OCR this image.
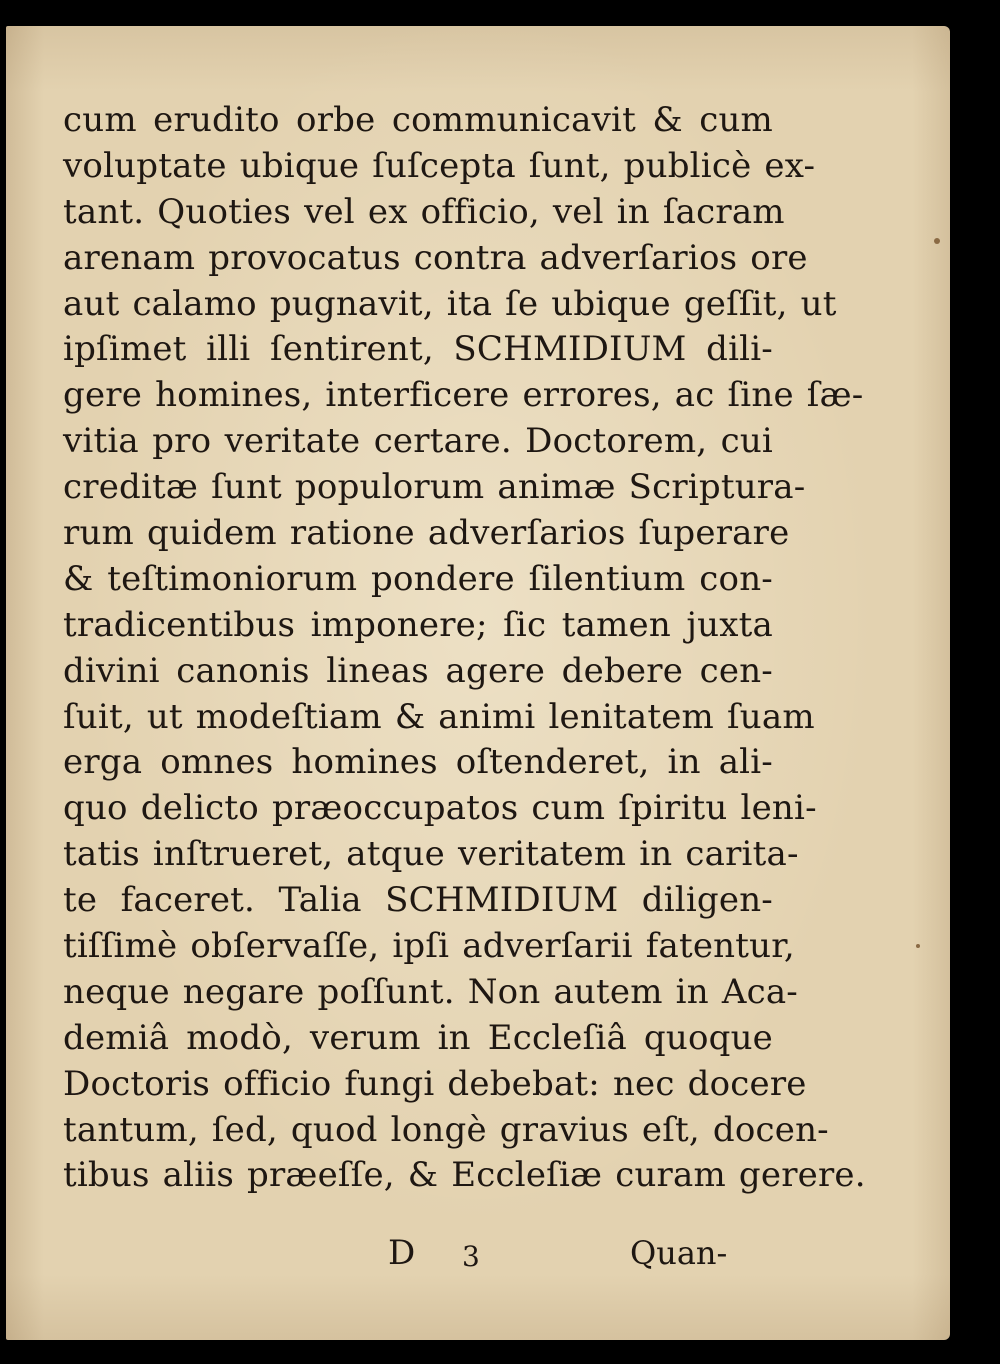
cum erudito orbe communicavit & cum
voluptate ubique ſuſcepta ſunt, publicè ex-
tant. Quoties vel ex officio, vel in ſacram
arenam provocatus contra adverſarios ore
aut calamo pugnavit, ita ſe ubique geſſit, ut
ipſimet illi ſentirent, SCHMIDIUM dili-
gere homines, interficere errores, ac ſine ſæ-
vitia pro veritate certare. Doctorem, cui
creditæ ſunt populorum animæ Scriptura-
rum quidem ratione adverſarios ſuperare
& teſtimoniorum pondere ſilentium con-
tradicentibus imponere; ſic tamen juxta
divini canonis lineas agere debere cen-
ſuit, ut modeſtiam & animi lenitatem ſuam
erga omnes homines oſtenderet, in ali-
quo delicto præoccupatos cum ſpiritu leni-
tatis inſtrueret, atque veritatem in carita-
te faceret. Talia SCHMIDIUM diligen-
tiſſimè obſervaſſe, ipſi adverſarii fatentur,
neque negare poſſunt. Non autem in Aca-
demiâ modò, verum in Eccleſiâ quoque
Doctoris officio fungi debebat: nec docere
tantum, ſed, quod longè gravius eſt, docen-
tibus aliis præeſſe, & Eccleſiæ curam gerere.
D 3	Quan-
